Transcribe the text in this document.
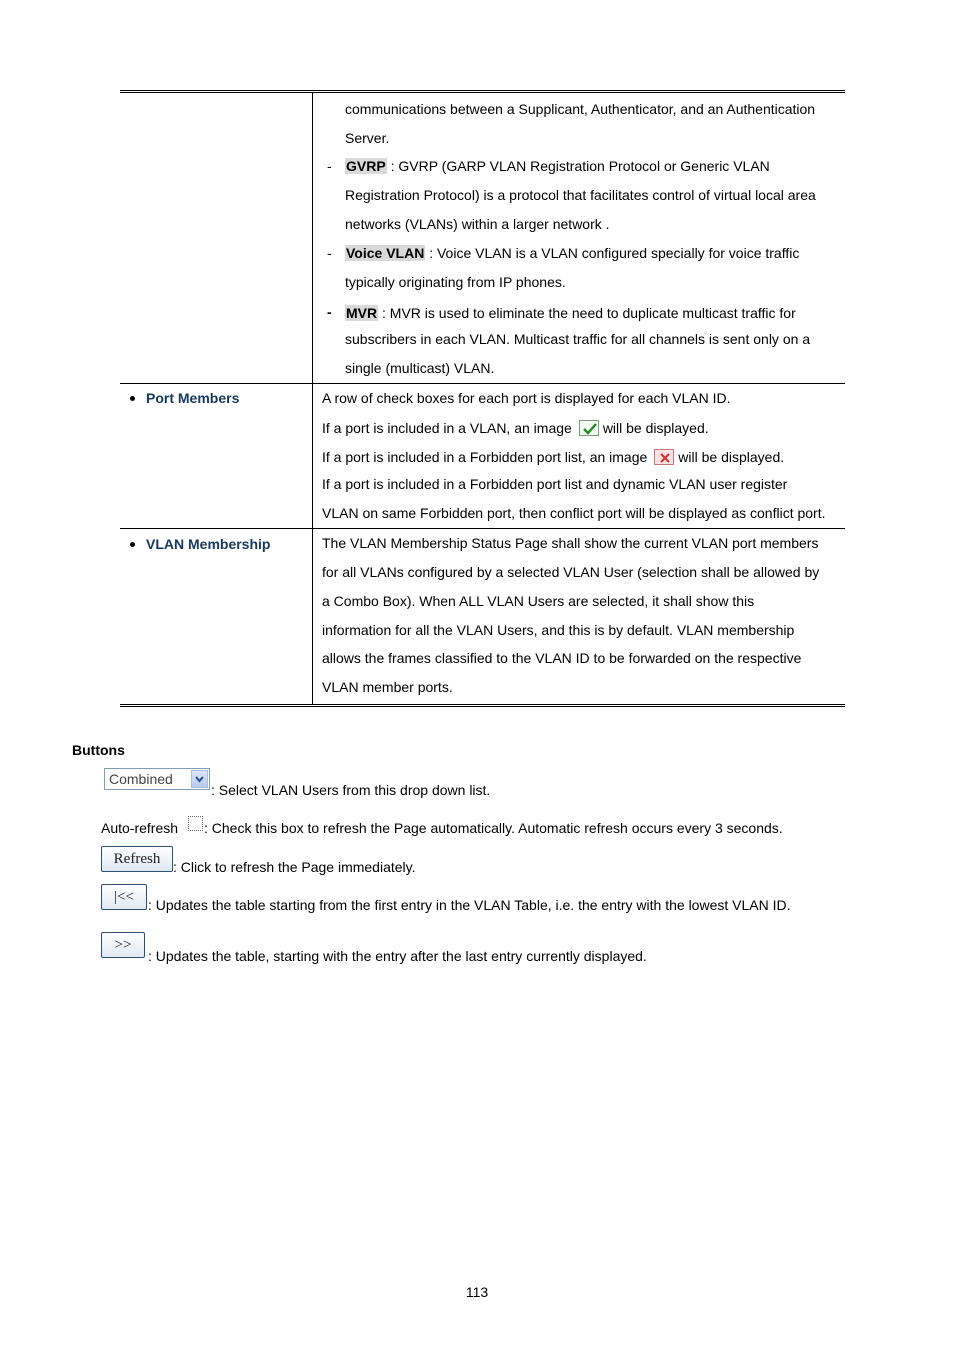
communications between a Supplicant, Authenticator, and an Authentication
Server.
- GVRP : GVRP (GARP VLAN Registration Protocol or Generic VLAN
Registration Protocol) is a protocol that facilitates control of virtual local area
networks (VLANs) within a larger network .
- Voice VLAN : Voice VLAN is a VLAN configured specially for voice traffic
typically originating from IP phones.
- MVR : MVR is used to eliminate the need to duplicate multicast traffic for
subscribers in each VLAN. Multicast traffic for all channels is sent only on a
single (multicast) VLAN.
Port Members	A row of check boxes for each port is displayed for each VLAN ID.
If a port is included in a VLAN, an image will be displayed.
If a port is included in a Forbidden port list, an image will be displayed.
If a port is included in a Forbidden port list and dynamic VLAN user register
VLAN on same Forbidden port, then conflict port will be displayed as conflict port.
VLAN Membership	The VLAN Membership Status Page shall show the current VLAN port members
for all VLANs configured by a selected VLAN User (selection shall be allowed by
a Combo Box). When ALL VLAN Users are selected, it shall show this
information for all the VLAN Users, and this is by default. VLAN membership
allows the frames classified to the VLAN ID to be forwarded on the respective
VLAN member ports.
Buttons
Combined
: Select VLAN Users from this drop down list.
Auto-refresh : Check this box to refresh the Page automatically. Automatic refresh occurs every 3 seconds.
Refresh : Click to refresh the Page immediately.
|<<	: Updates the table starting from the first entry in the VLAN Table, i.e. the entry with the lowest VLAN ID.
>>
: Updates the table, starting with the entry after the last entry currently displayed.
113
